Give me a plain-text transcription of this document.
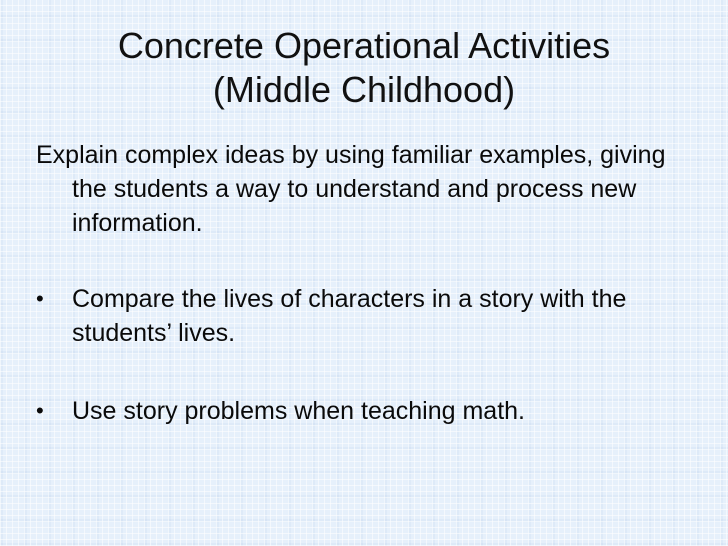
Concrete Operational Activities
(Middle Childhood)

Explain complex ideas by using familiar examples, giving the students a way to understand and process new information.

•	Compare the lives of characters in a story with the students’ lives.
•	Use story problems when teaching math.
